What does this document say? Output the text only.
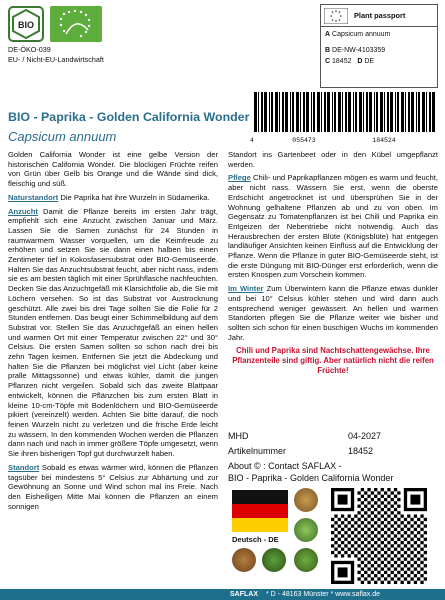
BIO
DE-ÖKO-039
EU- / Nicht-EU-Landwirtschaft
Plant passport
A Capsicum annuum
B DE-NW-4103359
C 18452 D DE
4	055473	184524
BIO - Paprika - Golden California Wonder
Capsicum annuum

Golden California Wonder ist eine gelbe Version der historischen California Wonder. Die blockigen Früchte reifen von Grün über Gelb bis Orange und die Wände sind dick, fleischig und süß.

Naturstandort Die Paprika hat ihre Wurzeln in Südamerika.

Anzucht Damit die Pflanze bereits im ersten Jahr trägt, empfiehlt sich eine Anzucht zwischen Januar und März. Lassen Sie die Samen zunächst für 24 Stunden in raumwarmem Wasser vorquellen, um die Keimfreude zu erhöhen und setzen Sie sie dann einen halben bis einen Zentimeter tief in Kokosfasersubstrat oder BIO-Gemüseerde. Halten Sie das Anzuchtsubstrat feucht, aber nicht nass, indem sie es am besten täglich mit einer Sprühflasche nachfeuchten. Decken Sie das Anzuchtgefäß mit Klarsichtfolie ab, die Sie mit Löchern versehen. So ist das Substrat vor Austrocknung geschützt. Alle zwei bis drei Tage sollten Sie die Folie für 2 Stunden entfernen. Das beugt einer Schimmelbildung auf dem Substrat vor. Stellen Sie das Anzuchtgefäß an einen hellen und warmen Ort mit einer Temperatur zwischen 22° und 30° Celsius. Die ersten Samen sollten so schon nach drei bis zehn Tagen keimen. Entfernen Sie jetzt die Abdeckung und halten Sie die Pflanzen bei möglichst viel Licht (aber keine pralle Mittagssonne) und etwas kühler, damit die jungen Pflanzen nicht vergeilen. Sobald sich das zweite Blattpaar entwickelt, können die Pflänzchen bis zum ersten Blatt in kleine 10-cm-Töpfe mit Bodenlöchern und BIO-Gemüseerde pikiert (vereinzelt) werden. Achten Sie bitte darauf, die noch feinen Wurzeln nicht zu verletzen und die frische Erde leicht zu wässern. In den kommenden Wochen werden die Pflanzen dann nach und nach in immer größere Töpfe umgesetzt, wenn Sie ihren bisherigen Topf gut durchwurzelt haben.

Standort Sobald es etwas wärmer wird, können die Pflanzen tagsüber bei mindestens 5° Celsius zur Abhärtung und zur Gewöhnung an Sonne und Wind schon mal ins Freie. Nach den Eisheiligen Mitte Mai können die Pflanzen an einem sonnigen

Standort ins Gartenbeet oder in den Kübel umgepflanzt werden.

Pflege Chili- und Paprikapflanzen mögen es warm und feucht, aber nicht nass. Wässern Sie erst, wenn die oberste Erdschicht angetrocknet ist und übersprühen Sie in der Wohnung gelhaltene Pflanzen ab und zu von oben. Im Gegensatz zu Tomatenpflanzen ist bei Chili und Paprika ein Entgeizen der Nebentriebe nicht notwendig. Auch das Herausbrechen der ersten Blüte (Königsblüte) hat entgegen landläufiger Ansichten keinen Einfluss auf die Entwicklung der Pflanze. Wenn die Pflanze in guter BIO-Gemüseerde steht, ist die erste Düngung mit BIO-Dünger erst erforderlich, wenn die ersten Knospen zum Vorschein kommen.

Im Winter Zum Überwintern kann die Pflanze etwas dunkler und bei 10° Celsius kühler stehen und wird dann auch entsprechend weniger gewässert. An hellen und warmen Standorten pflegen Sie die Pflanze weiter wie bisher und sollten sich schon für einen buschigen Wuchs im kommenden Jahr.

Chili und Paprika sind Nachtschattengewächse. Ihre Pflanzenteile sind giftig. Aber natürlich nicht die reifen Früchte!

MHD	04-2027
Artikelnummer	18452
About © : Contact SAFLAX -
BIO - Paprika - Golden California Wonder
Deutsch - DE
SAFLAX * D - 48163 Münster * www.saflax.de
